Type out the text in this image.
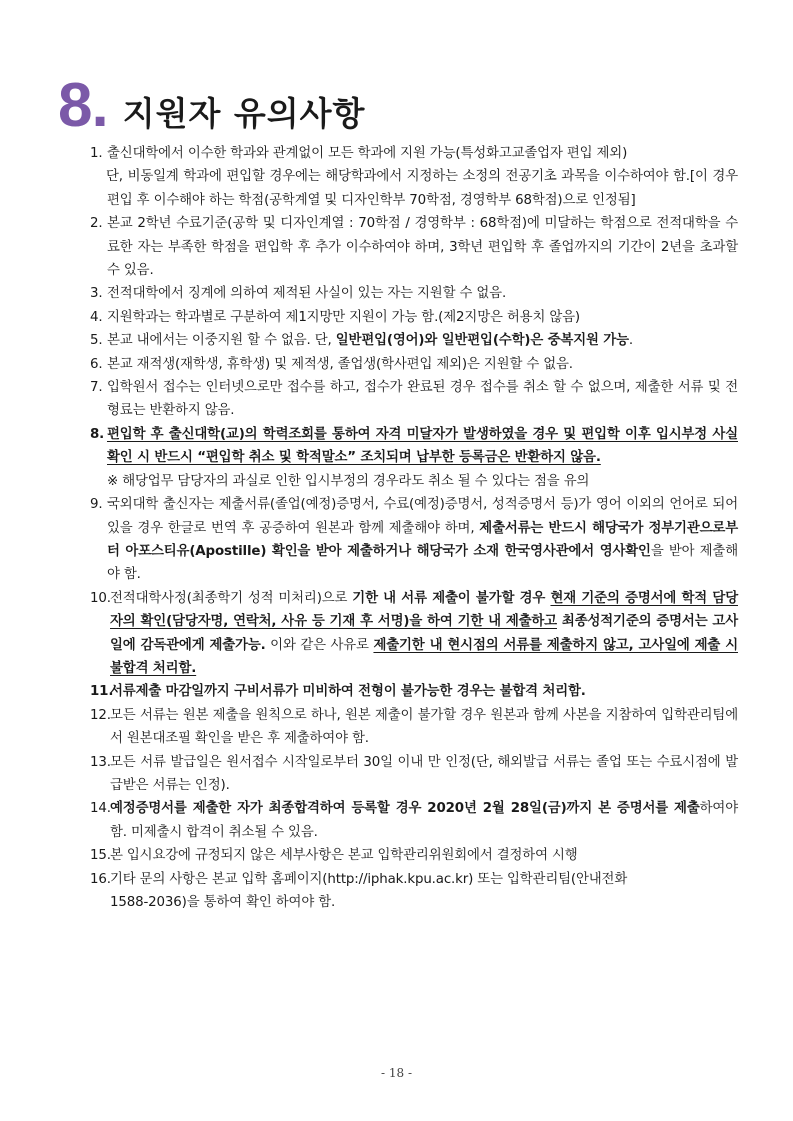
8 . 지원자 유의사항
1. 출신대학에서 이수한 학과와 관계없이 모든 학과에 지원 가능(특성화고교졸업자 편입 제외)
단, 비동일계 학과에 편입할 경우에는 해당학과에서 지정하는 소정의 전공기초 과목을 이수하여야 함.[이 경우 편입 후 이수해야 하는 학점(공학계열 및 디자인학부 70학점, 경영학부 68학점)으로 인정됨]
2. 본교 2학년 수료기준(공학 및 디자인계열 : 70학점 / 경영학부 : 68학점)에 미달하는 학점으로 전적대학을 수료한 자는 부족한 학점을 편입학 후 추가 이수하여야 하며, 3학년 편입학 후 졸업까지의 기간이 2년을 초과할 수 있음.
3. 전적대학에서 징계에 의하여 제적된 사실이 있는 자는 지원할 수 없음.
4. 지원학과는 학과별로 구분하여 제1지망만 지원이 가능 함.(제2지망은 허용치 않음)
5. 본교 내에서는 이중지원 할 수 없음. 단, 일반편입(영어)와 일반편입(수학)은 중복지원 가능.
6. 본교 재적생(재학생, 휴학생) 및 제적생, 졸업생(학사편입 제외)은 지원할 수 없음.
7. 입학원서 접수는 인터넷으로만 접수를 하고, 접수가 완료된 경우 접수를 취소 할 수 없으며, 제출한 서류 및 전형료는 반환하지 않음.
8. 편입학 후 출신대학(교)의 학력조회를 통하여 자격 미달자가 발생하였을 경우 및 편입학 이후 입시부정 사실 확인 시 반드시 “편입학 취소 및 학적말소” 조치되며 납부한 등록금은 반환하지 않음.
※ 해당업무 담당자의 과실로 인한 입시부정의 경우라도 취소 될 수 있다는 점을 유의
9. 국외대학 출신자는 제출서류(졸업(예정)증명서, 수료(예정)증명서, 성적증명서 등)가 영어 이외의 언어로 되어 있을 경우 한글로 번역 후 공증하여 원본과 함께 제출해야 하며, 제출서류는 반드시 해당국가 정부기관으로부터 아포스티유(Apostille) 확인을 받아 제출하거나 해당국가 소재 한국영사관에서 영사확인을 받아 제출해야 함.
10. 전적대학사정(최종학기 성적 미처리)으로 기한 내 서류 제출이 불가할 경우 현재 기준의 증명서에 학적 담당자의 확인(담당자명, 연락처, 사유 등 기재 후 서명)을 하여 기한 내 제출하고 최종성적기준의 증명서는 고사일에 감독관에게 제출가능. 이와 같은 사유로 제출기한 내 현시점의 서류를 제출하지 않고, 고사일에 제출 시 불합격 처리함.
11.
서류제출 마감일까지 구비서류가 미비하여 전형이 불가능한 경우는 불합격 처리함.
12. 모든 서류는 원본 제출을 원칙으로 하나, 원본 제출이 불가할 경우 원본과 함께 사본을 지참하여 입학관리팀에서 원본대조필 확인을 받은 후 제출하여야 함.
13. 모든 서류 발급일은 원서접수 시작일로부터 30일 이내 만 인정(단, 해외발급 서류는 졸업 또는 수료시점에 발급받은 서류는 인정).
14. 예정증명서를 제출한 자가 최종합격하여 등록할 경우 2020년 2월 28일(금)까지 본 증명서를 제출하여야함. 미제출시 합격이 취소될 수 있음.
15. 본 입시요강에 규정되지 않은 세부사항은 본교 입학관리위원회에서 결정하여 시행
16. 기타 문의 사항은 본교 입학 홈페이지(http://iphak.kpu.ac.kr) 또는 입학관리팀(안내전화
1588-2036)을 통하여 확인 하여야 함.
- 18 -
